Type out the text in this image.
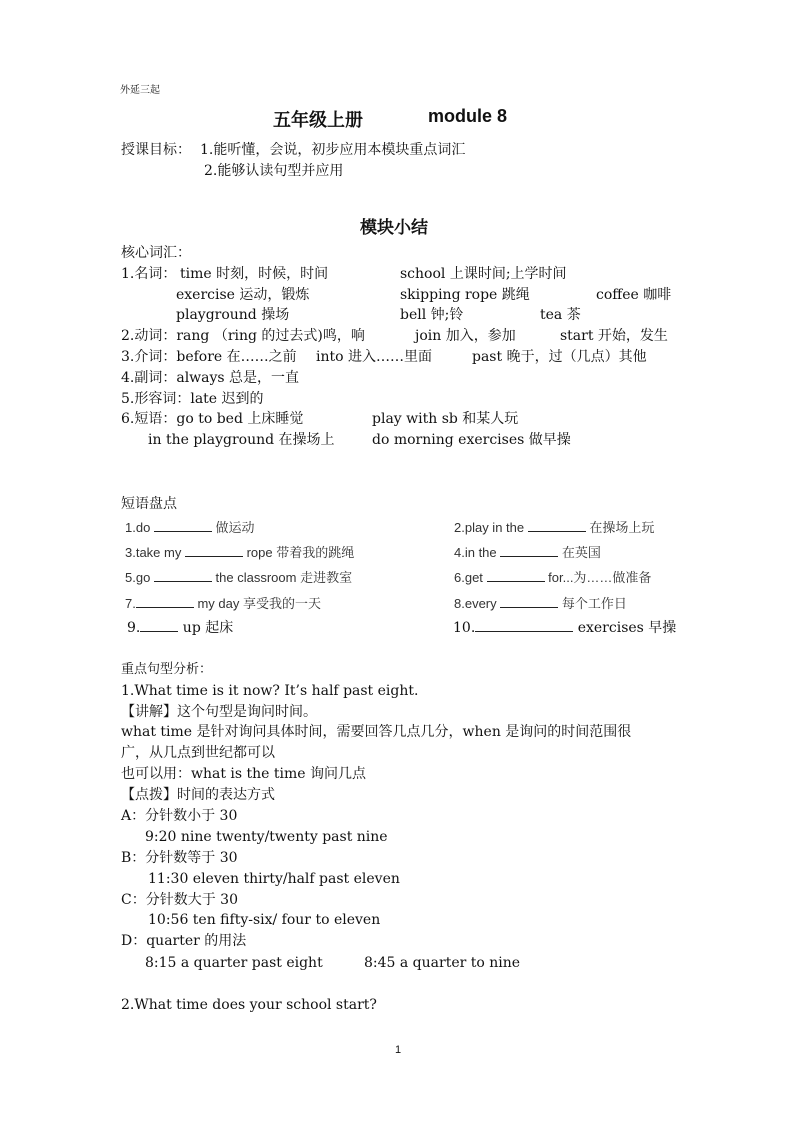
外延三起
五年级上册	module 8
授课目标： 1.能听懂，会说，初步应用本模块重点词汇
2.能够认读句型并应用
模块小结
核心词汇：
1.名词： time 时刻，时候，时间	school 上课时间;上学时间
exercise 运动，锻炼	skipping rope 跳绳	coffee 咖啡
playground 操场	bell 钟;铃	tea 茶
2.动词：rang （ring 的过去式)鸣，响	join 加入，参加	start 开始，发生
3.介词：before 在……之前 into 进入……里面	past 晚于，过（几点）其他
4.副词：always 总是，一直
5.形容词：late 迟到的
6.短语：go to bed 上床睡觉	play with sb 和某人玩
in the playground 在操场上	do morning exercises 做早操
短语盘点
1.do	做运动	2.play in the	在操场上玩
3.take my	rope 带着我的跳绳	4.in the	在英国
5.go	the classroom 走进教室	6.get	for...为……做准备
7.	my day 享受我的一天	8.every	每个工作日
9.	up 起床	10.	exercises 早操
重点句型分析：
1.What time is it now? It’s half past eight.
【讲解】这个句型是询问时间。
what time 是针对询问具体时间，需要回答几点几分，when 是询问的时间范围很
广，从几点到世纪都可以
也可以用：what is the time 询问几点
【点拨】时间的表达方式
A：分针数小于 30
9:20 nine twenty/twenty past nine
B：分针数等于 30
11:30 eleven thirty/half past eleven
C：分针数大于 30
10:56 ten fifty-six/ four to eleven
D：quarter 的用法
8:15 a quarter past eight	8:45 a quarter to nine
2.What time does your school start?
1
